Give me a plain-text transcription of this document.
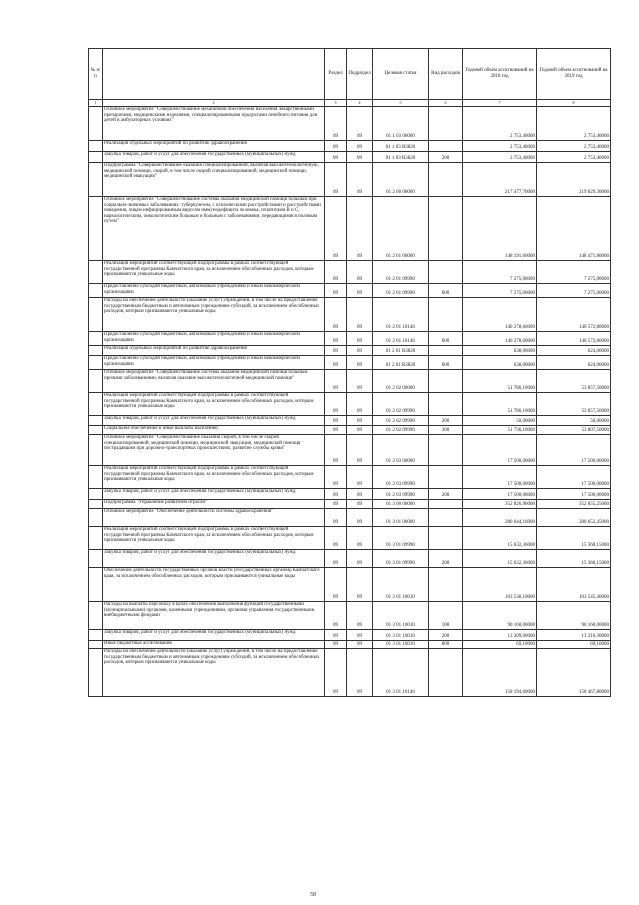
№ п/п		Раздел	Подраздел	Целевая статья	Вид расходов	Годовой объем ассигнований на 2018 год	Годовой объем ассигнований на 2019 год
1	2	3	4	5	6	7	8
	Основное мероприятие "Совершенствование механизмов обеспечения населения лекарственными препаратами, медицинскими изделиями, специализированными продуктами лечебного питания для детей в амбулаторных условиях"	09	09	01 1 03 00000		2 753,40000	2 753,40000
	Реализация отдельных мероприятий по развитию здравоохранения	09	09	01 1 03 R3820		2 753,40000	2 753,40000
	Закупка товаров, работ и услуг для обеспечения государственных (муниципальных) нужд	09	09	01 1 03 R3820	200	2 753,40000	2 753,40000
	Подпрограмма "Совершенствование оказания специализированной, включая высокотехнологичную, медицинской помощи, скорой, в том числе скорой специализированной, медицинской помощи, медицинской эвакуации"	09	09	01 2 00 00000		217 477,70000	219 829,30000
	Основное мероприятие "Совершенствование системы оказания медицинской помощи больным при социально-значимых заболеваниях: туберкулезом, с психическими расстройствами и расстройствами поведения, лицам инфицированным вирусом иммунодефицита человека, гепатитами В и С, наркологическим, онкологическим больным и больным с заболеваниями, передающимися половым путем"	09	09	01 2 01 00000		148 191,60000	148 471,80000
	Реализация мероприятий соответствующей подпрограммы в рамках соответствующей государственной программы Камчатского края, за исключением обособленных расходов, которым присваиваются уникальные коды	09	09	01 2 01 09990		7 275,00000	7 275,00000
	Предоставление субсидий бюджетным, автономным учреждениям и иным некоммерческим организациям	09	09	01 2 01 09990	600	7 275,00000	7 275,00000
	Расходы на обеспечение деятельности (оказание услуг) учреждений, в том числе на предоставление государственным бюджетным и автономным учреждениям субсидий, за исключением обособленных расходов, которым присваиваются уникальные коды	09	09	01 2 01 10140		140 278,60000	140 572,80000
	Предоставление субсидий бюджетным, автономным учреждениям и иным некоммерческим организациям	09	09	01 2 01 10140	600	140 278,60000	140 572,80000
	Реализация отдельных мероприятий по развитию здравоохранения	09	09	01 2 01 R3820		638,00000	624,00000
	Предоставление субсидий бюджетным, автономным учреждениям и иным некоммерческим организациям	09	09	01 2 01 R3820	600	638,00000	624,00000
	Основное мероприятие "Совершенствование системы оказания медицинской помощи больным прочими заболеваниями, включая оказание высокотехнологичной медицинской помощи"	09	09	01 2 02 00000		51 786,10000	53 857,50000
	Реализация мероприятий соответствующей подпрограммы в рамках соответствующей государственной программы Камчатского края, за исключением обособленных расходов, которым присваиваются уникальные коды	09	09	01 2 02 09990		51 786,10000	53 857,50000
	Закупка товаров, работ и услуг для обеспечения государственных (муниципальных) нужд	09	09	01 2 02 09990	200	50,00000	50,00000
	Социальное обеспечение и иные выплаты населению	09	09	01 2 02 09990	300	51 736,10000	53 807,50000
	Основное мероприятие "Совершенствование оказания скорой, в том числе скорой специализированной, медицинской помощи, медицинской эвакуации, медицинской помощи пострадавшим при дорожно-транспортных происшествиях, развитие службы крови"	09	09	01 2 03 00000		17 500,00000	17 500,00000
	Реализация мероприятий соответствующей подпрограммы в рамках соответствующей государственной программы Камчатского края, за исключением обособленных расходов, которым присваиваются уникальные коды	09	09	01 2 03 09990		17 500,00000	17 500,00000
	Закупка товаров, работ и услуг для обеспечения государственных (муниципальных) нужд	09	09	01 2 03 09990	200	17 500,00000	17 500,00000
	Подпрограмма "Управление развитием отрасли"	09	09	01 3 00 00000		352 826,96000	352 855,25000
	Основное мероприятие "Обеспечение деятельности системы здравоохранения"	09	09	01 3 01 00000		280 644,16000	280 652,45000
	Реализация мероприятий соответствующей подпрограммы в рамках соответствующей государственной программы Камчатского края, за исключением обособленных расходов, которым присваиваются уникальные коды	09	09	01 3 01 09990		15 632,36000	15 360,15000
	Закупка товаров, работ и услуг для обеспечения государственных (муниципальных) нужд	09	09	01 3 01 09990	200	15 632,36000	15 360,15000
	Обеспечение деятельности государственных органов власти (государственных органов) Камчатского края, за исключением обособленных расходов, которым присваиваются уникальные коды	09	09	01 3 01 10010		103 538,10000	103 545,40000
	Расходы на выплаты персоналу в целях обеспечения выполнения функций государственными (муниципальными) органами, казенными учреждениями, органами управления государственными внебюджетными фондами	09	09	01 3 01 10010	100	90 160,00000	90 160,00000
	Закупка товаров, работ и услуг для обеспечения государственных (муниципальных) нужд	09	09	01 3 01 10010	200	13 309,00000	13 316,30000
	Иные бюджетные ассигнования	09	09	01 3 01 10010	800	69,10000	69,10000
	Расходы на обеспечение деятельности (оказание услуг) учреждений, в том числе на предоставление государственным бюджетным и автономным учреждениям субсидий, за исключением обособленных расходов, которым присваиваются уникальные коды	09	09	01 3 01 10140		158 194,60000	158 467,80000
58
